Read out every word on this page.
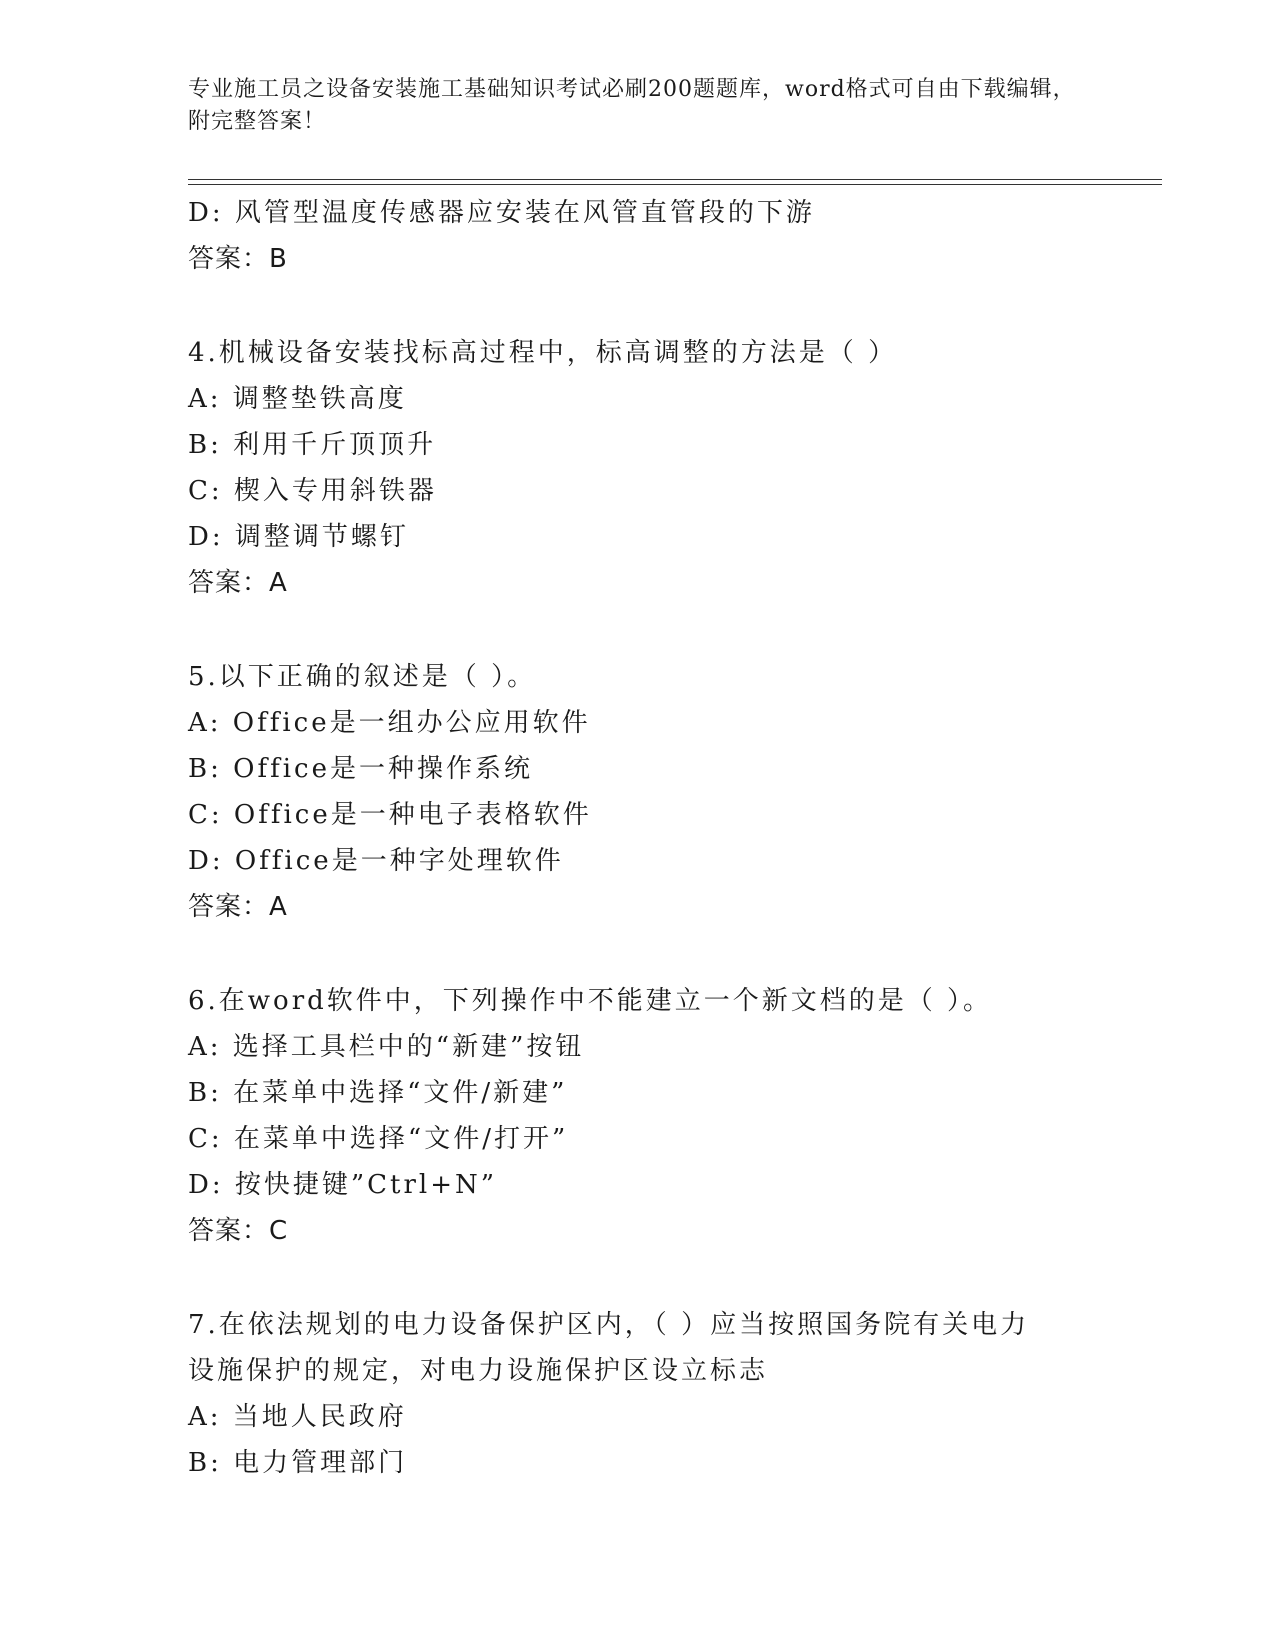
专业施工员之设备安装施工基础知识考试必刷200题题库，word格式可自由下载编辑，附完整答案！
D: 风管型温度传感器应安装在风管直管段的下游
答案：B
4.机械设备安装找标高过程中，标高调整的方法是（ ）
A: 调整垫铁高度
B: 利用千斤顶顶升
C: 楔入专用斜铁器
D: 调整调节螺钉
答案：A
5.以下正确的叙述是（ ）。
A: Office是一组办公应用软件
B: Office是一种操作系统
C: Office是一种电子表格软件
D: Office是一种字处理软件
答案：A
6.在word软件中，下列操作中不能建立一个新文档的是（ ）。
A: 选择工具栏中的“新建”按钮
B: 在菜单中选择“文件/新建”
C: 在菜单中选择“文件/打开”
D: 按快捷键”Ctrl+N”
答案：C
7.在依法规划的电力设备保护区内，（ ）应当按照国务院有关电力设施保护的规定，对电力设施保护区设立标志
A: 当地人民政府
B: 电力管理部门
